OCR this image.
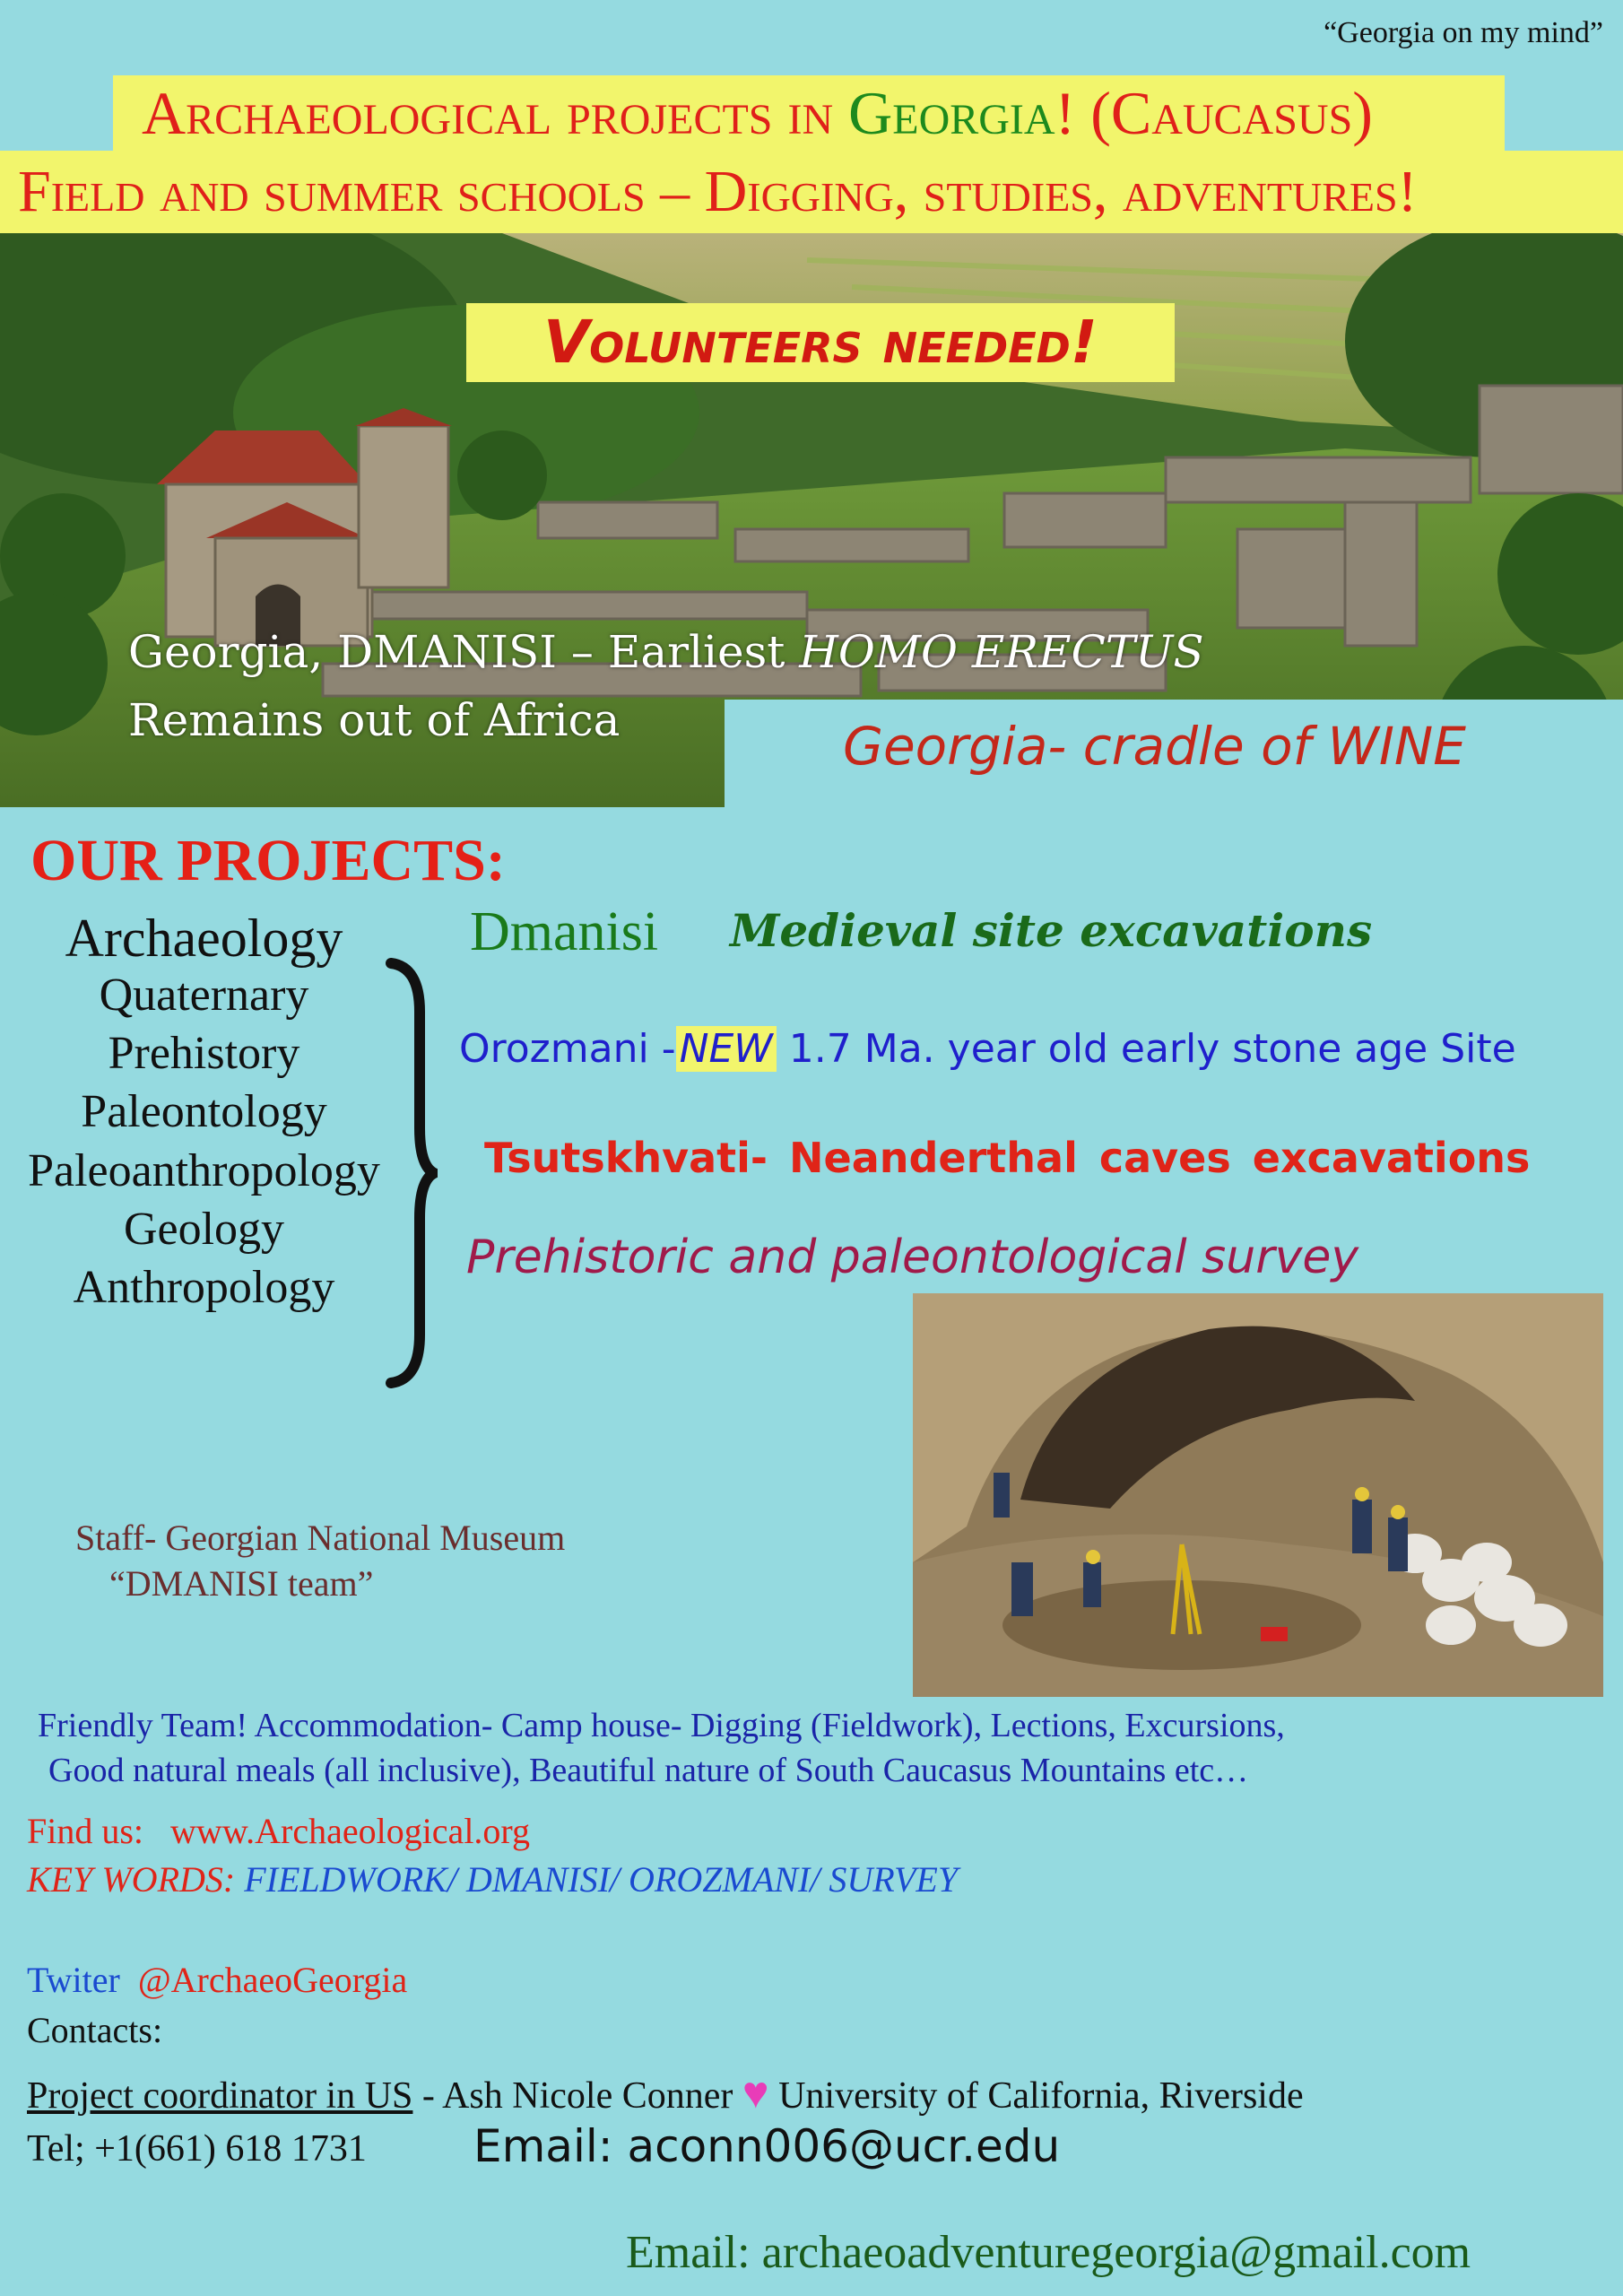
“Georgia on my mind”
Archaeological projects in Georgia! (Caucasus)
Field and summer schools – Digging, studies, adventures!
Volunteers needed!
Georgia, DMANISI – Earliest HOMO ERECTUS
Remains out of Africa	Georgia- cradle of WINE
OUR PROJECTS:
Archaeology
Quaternary
Prehistory
Paleontology
Paleoanthropology
Geology
Anthropology
Dmanisi Medieval site excavations
Orozmani -NEW 1.7 Ma. year old early stone age Site
Tsutskhvati- Neanderthal caves excavations
Prehistoric and paleontological survey
Staff- Georgian National Museum
“DMANISI team”
Friendly Team! Accommodation- Camp house- Digging (Fieldwork), Lections, Excursions,
Good natural meals (all inclusive), Beautiful nature of South Caucasus Mountains etc…
Find us:   www.Archaeological.org
KEY WORDS: FIELDWORK/ DMANISI/ OROZMANI/ SURVEY
Twiter  @ArchaeoGeorgia
Contacts:
Project coordinator in US - Ash Nicole Conner ♥ University of California, Riverside
Tel; +1(661) 618 1731 Email: aconn006@ucr.edu
Email: archaeoadventuregeorgia@gmail.com
